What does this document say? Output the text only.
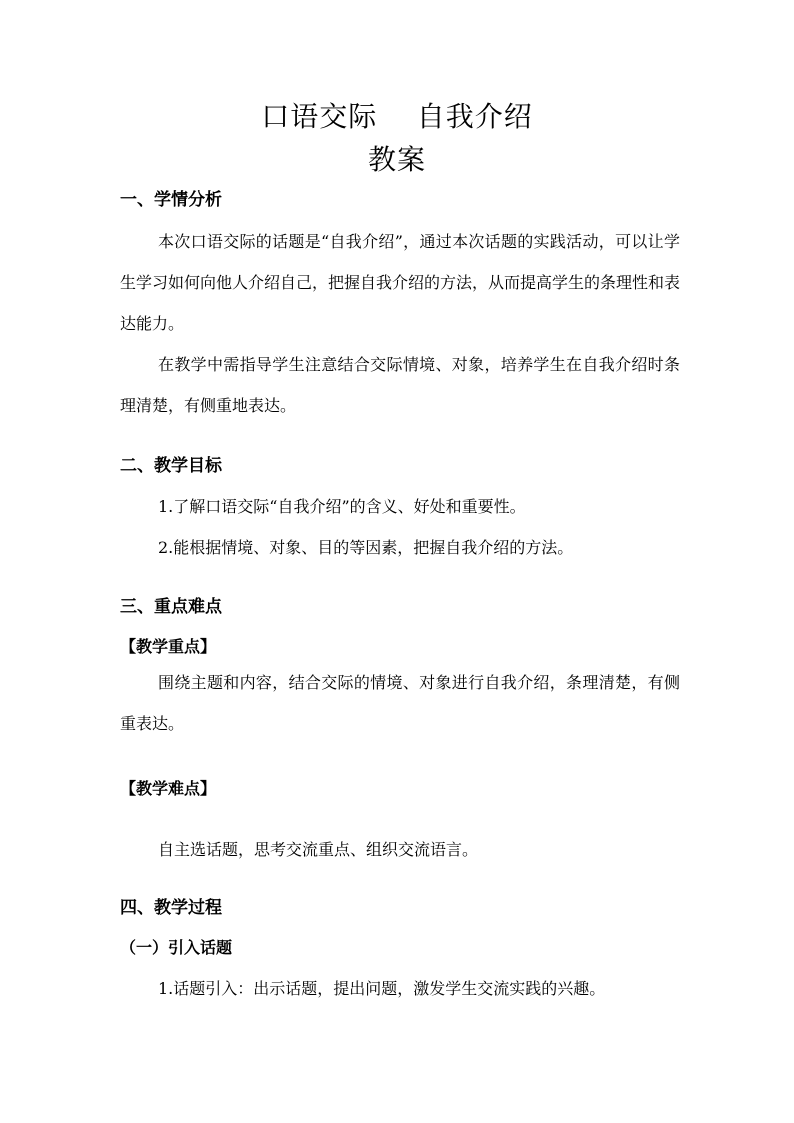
口语交际    自我介绍
教案
一、学情分析
本次口语交际的话题是“自我介绍”，通过本次话题的实践活动，可以让学生学习如何向他人介绍自己，把握自我介绍的方法，从而提高学生的条理性和表达能力。
在教学中需指导学生注意结合交际情境、对象，培养学生在自我介绍时条理清楚，有侧重地表达。
二、教学目标
1.了解口语交际“自我介绍”的含义、好处和重要性。
2.能根据情境、对象、目的等因素，把握自我介绍的方法。
三、重点难点
【教学重点】
围绕主题和内容，结合交际的情境、对象进行自我介绍，条理清楚，有侧重表达。
【教学难点】
自主选话题，思考交流重点、组织交流语言。
四、教学过程
（一）引入话题
1.话题引入：出示话题，提出问题，激发学生交流实践的兴趣。
